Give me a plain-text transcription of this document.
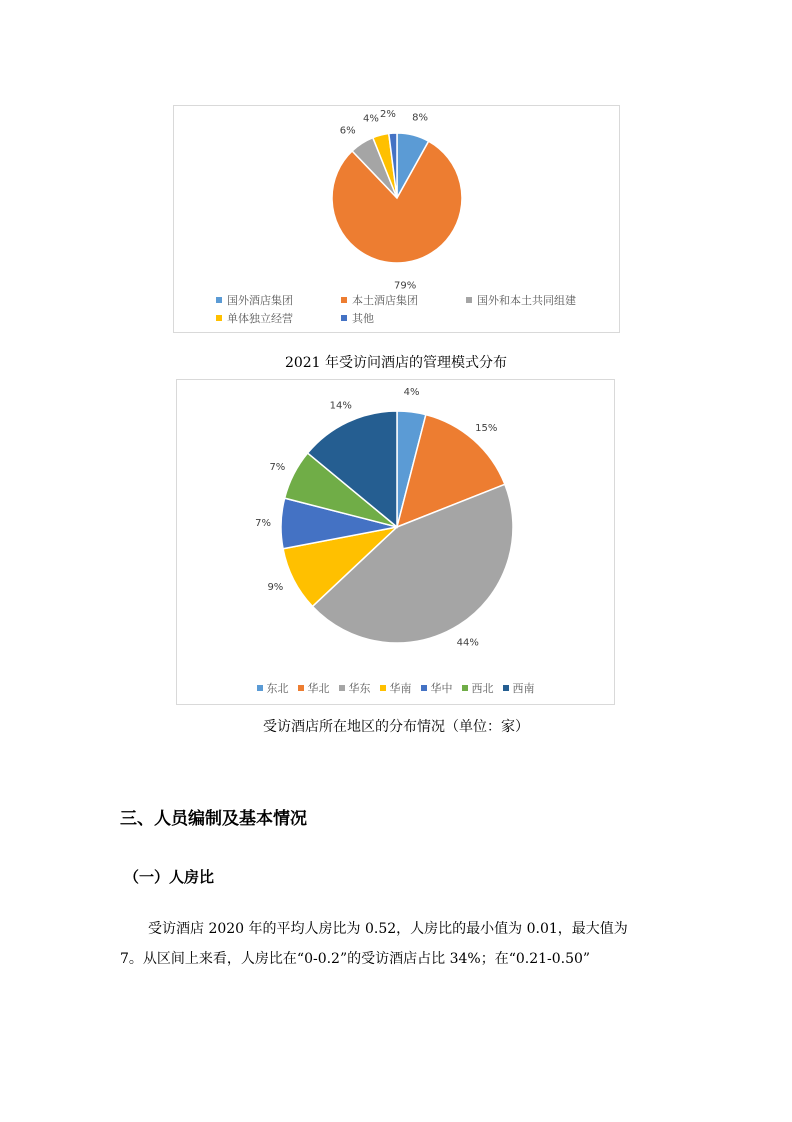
8%
79%
6%
4% 2%
国外酒店集团	本土酒店集团	国外和本土共同组建
单体独立经营	其他
2021 年受访问酒店的管理模式分布
4%
15%
44%
9%
7%
7%
14%
东北 华北 华东 华南 华中 西北 西南
受访酒店所在地区的分布情况（单位：家）
三、人员编制及基本情况
（一）人房比
受访酒店 2020 年的平均人房比为 0.52，人房比的最小值为 0.01，最大值为
7。从区间上来看，人房比在“0-0.2”的受访酒店占比 34%；在“0.21-0.50”
